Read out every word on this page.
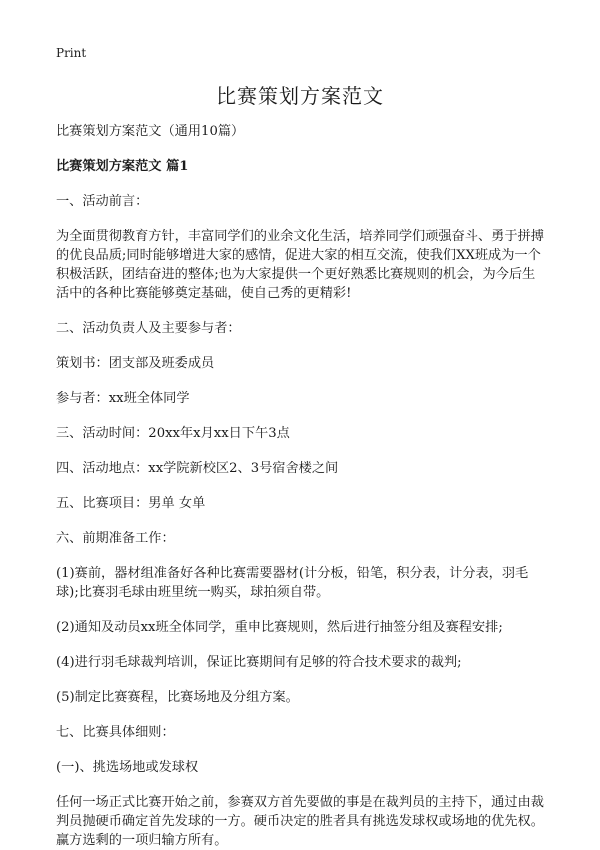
Print
比赛策划方案范文

比赛策划方案范文（通用10篇）

比赛策划方案范文 篇1

一、活动前言：

为全面贯彻教育方针，丰富同学们的业余文化生活，培养同学们顽强奋斗、勇于拼搏的优良品质;同时能够增进大家的感情，促进大家的相互交流，使我们XX班成为一个积极活跃，团结奋进的整体;也为大家提供一个更好熟悉比赛规则的机会，为今后生活中的各种比赛能够奠定基础，使自己秀的更精彩!

二、活动负责人及主要参与者：

策划书：团支部及班委成员

参与者：xx班全体同学

三、活动时间：20xx年x月xx日下午3点

四、活动地点：xx学院新校区2、3号宿舍楼之间

五、比赛项目：男单 女单

六、前期准备工作：

(1)赛前，器材组准备好各种比赛需要器材(计分板，铅笔，积分表，计分表，羽毛球);比赛羽毛球由班里统一购买，球拍须自带。

(2)通知及动员xx班全体同学，重申比赛规则，然后进行抽签分组及赛程安排;

(4)进行羽毛球裁判培训，保证比赛期间有足够的符合技术要求的裁判;

(5)制定比赛赛程，比赛场地及分组方案。

七、比赛具体细则：

(一)、挑选场地或发球权

任何一场正式比赛开始之前，参赛双方首先要做的事是在裁判员的主持下，通过由裁判员抛硬币确定首先发球的一方。硬币决定的胜者具有挑选发球权或场地的优先权。赢方选剩的一项归输方所有。
